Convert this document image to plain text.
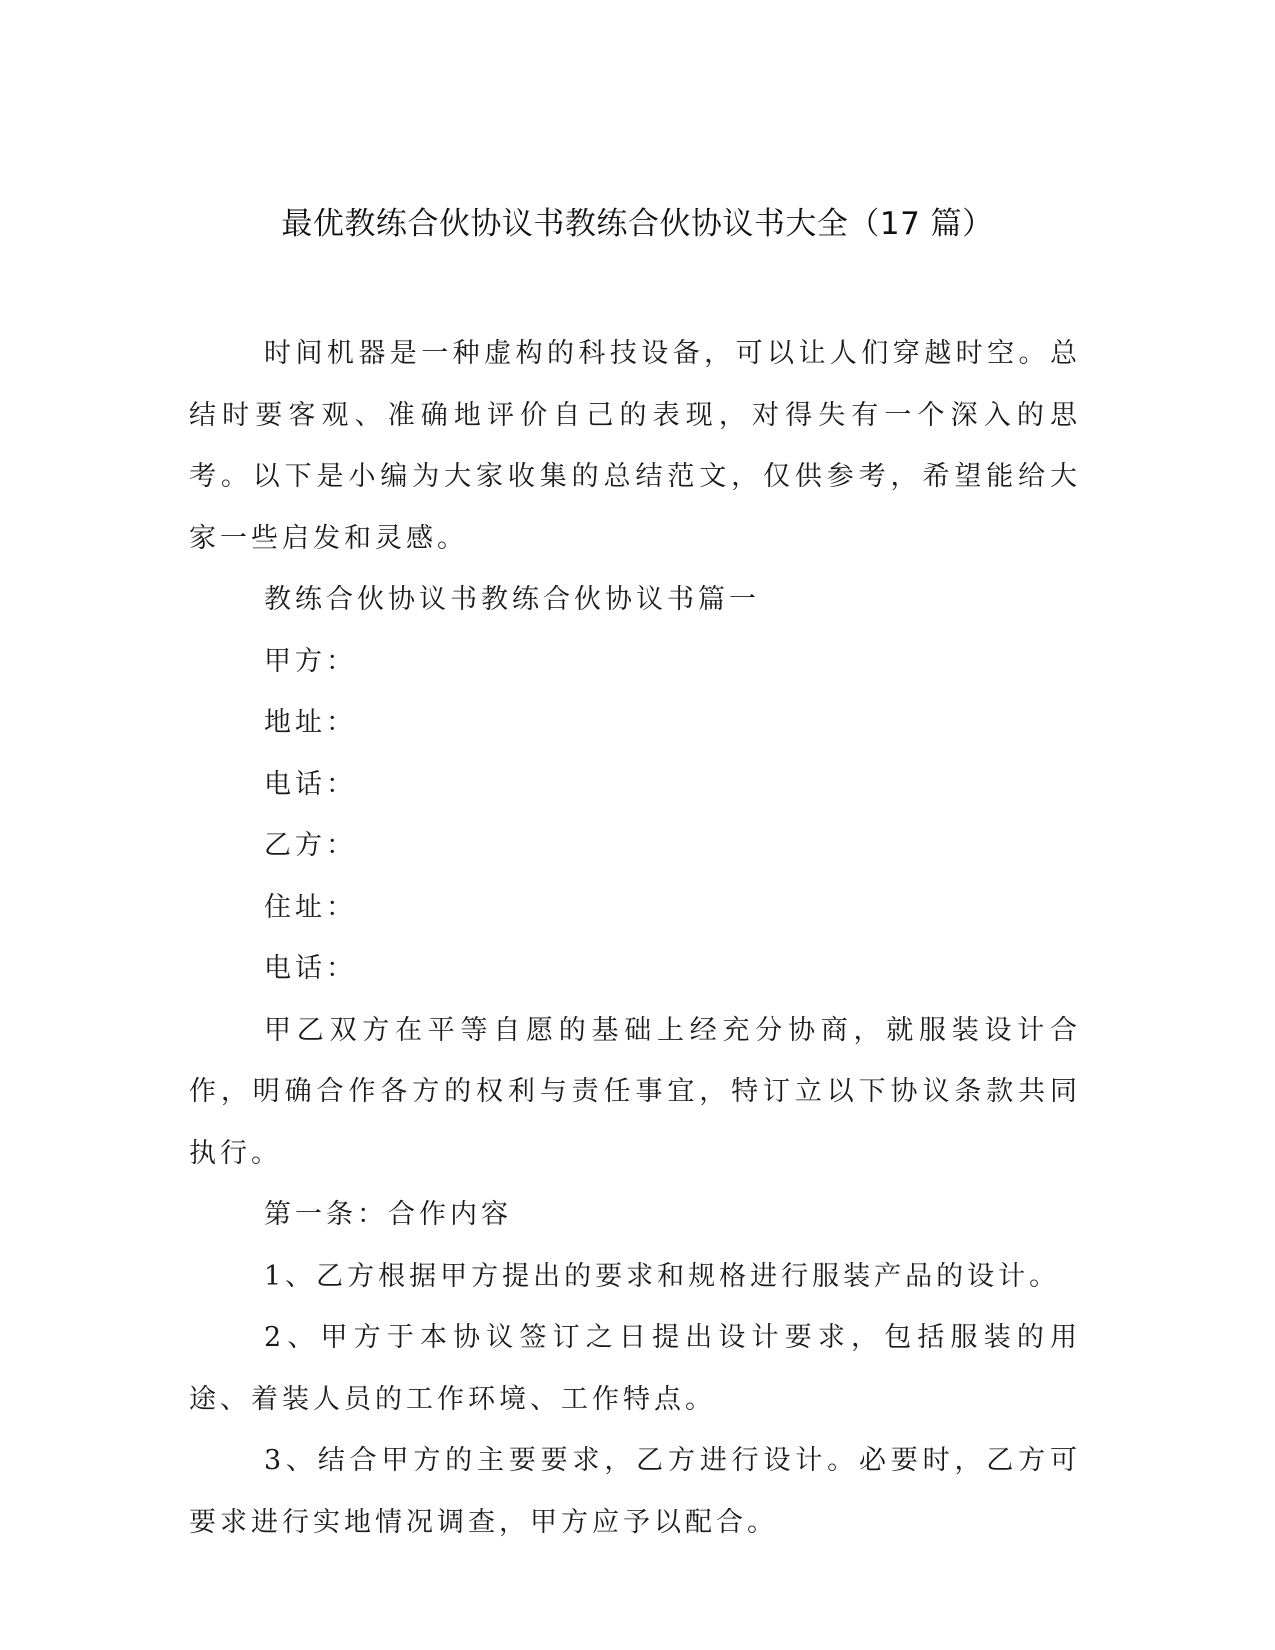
最优教练合伙协议书教练合伙协议书大全（17 篇）

时间机器是一种虚构的科技设备，可以让人们穿越时空。总结时要客观、准确地评价自己的表现，对得失有一个深入的思考。以下是小编为大家收集的总结范文，仅供参考，希望能给大家一些启发和灵感。

教练合伙协议书教练合伙协议书篇一

甲方：

地址：

电话：

乙方：

住址：

电话：

甲乙双方在平等自愿的基础上经充分协商，就服装设计合作，明确合作各方的权利与责任事宜，特订立以下协议条款共同执行。

第一条：合作内容

1、乙方根据甲方提出的要求和规格进行服装产品的设计。

2、甲方于本协议签订之日提出设计要求，包括服装的用途、着装人员的工作环境、工作特点。

3、结合甲方的主要要求，乙方进行设计。必要时，乙方可要求进行实地情况调查，甲方应予以配合。
